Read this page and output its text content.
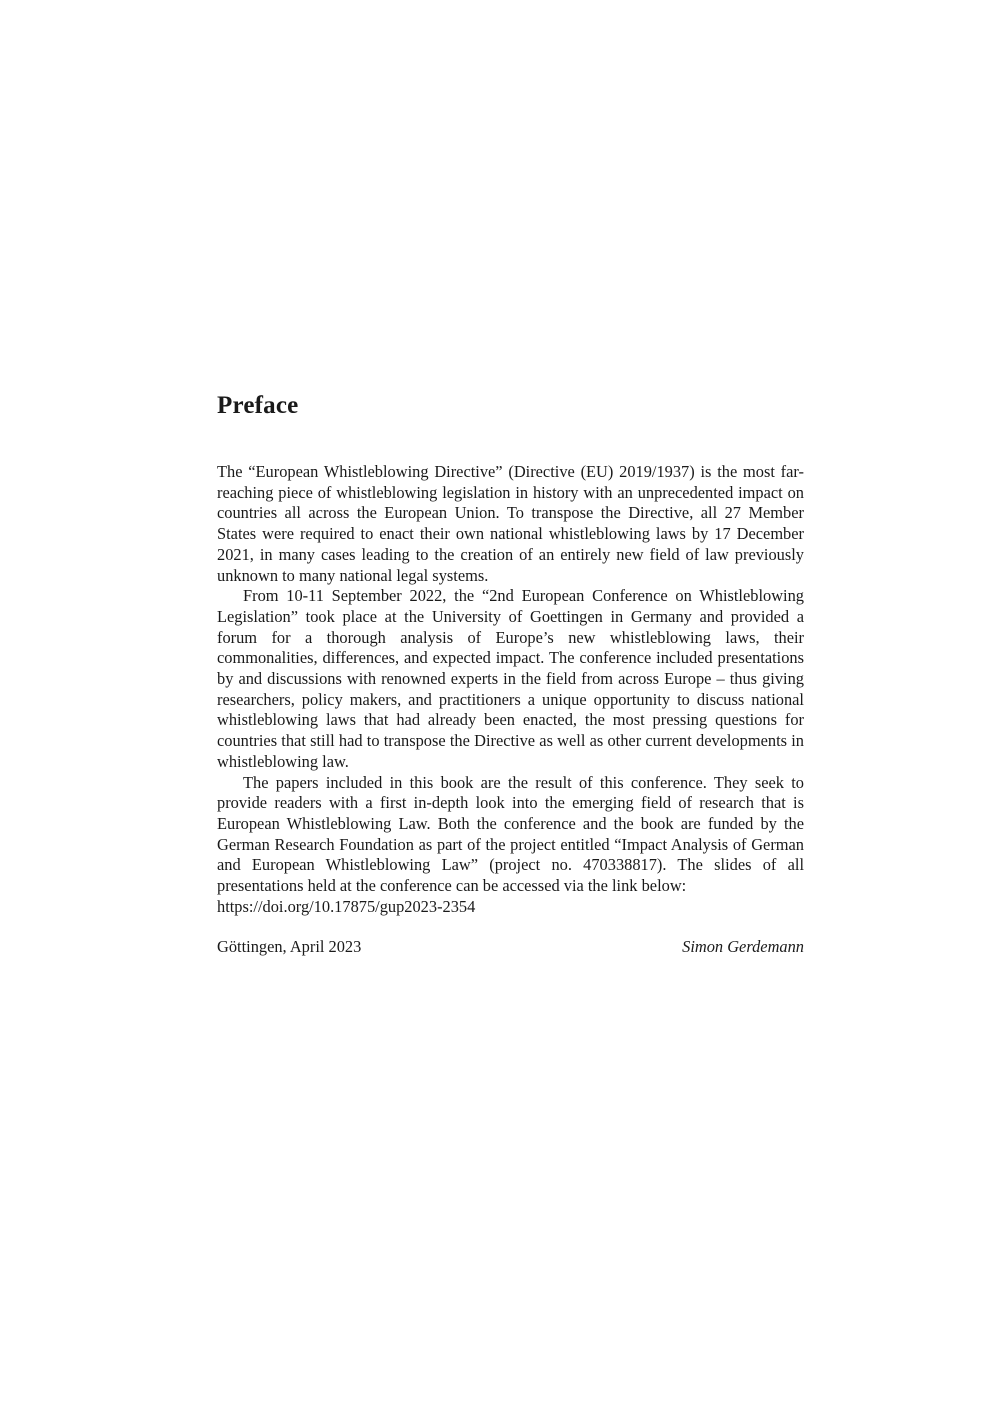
Preface

The “European Whistleblowing Directive” (Directive (EU) 2019/1937) is the most far-reaching piece of whistleblowing legislation in history with an unprecedented impact on countries all across the European Union. To transpose the Directive, all 27 Member States were required to enact their own national whistleblowing laws by 17 December 2021, in many cases leading to the creation of an entirely new field of law previously unknown to many national legal systems.

From 10-11 September 2022, the “2nd European Conference on Whistleblowing Legislation” took place at the University of Goettingen in Germany and provided a forum for a thorough analysis of Europe’s new whistleblowing laws, their commonalities, differences, and expected impact. The conference included presentations by and discussions with renowned experts in the field from across Europe – thus giving researchers, policy makers, and practitioners a unique opportunity to discuss national whistleblowing laws that had already been enacted, the most pressing questions for countries that still had to transpose the Directive as well as other current developments in whistleblowing law.

The papers included in this book are the result of this conference. They seek to provide readers with a first in-depth look into the emerging field of research that is European Whistleblowing Law. Both the conference and the book are funded by the German Research Foundation as part of the project entitled “Impact Analysis of German and European Whistleblowing Law” (project no. 470338817). The slides of all presentations held at the conference can be accessed via the link below:
https://doi.org/10.17875/gup2023-2354

Göttingen, April 2023	Simon Gerdemann
